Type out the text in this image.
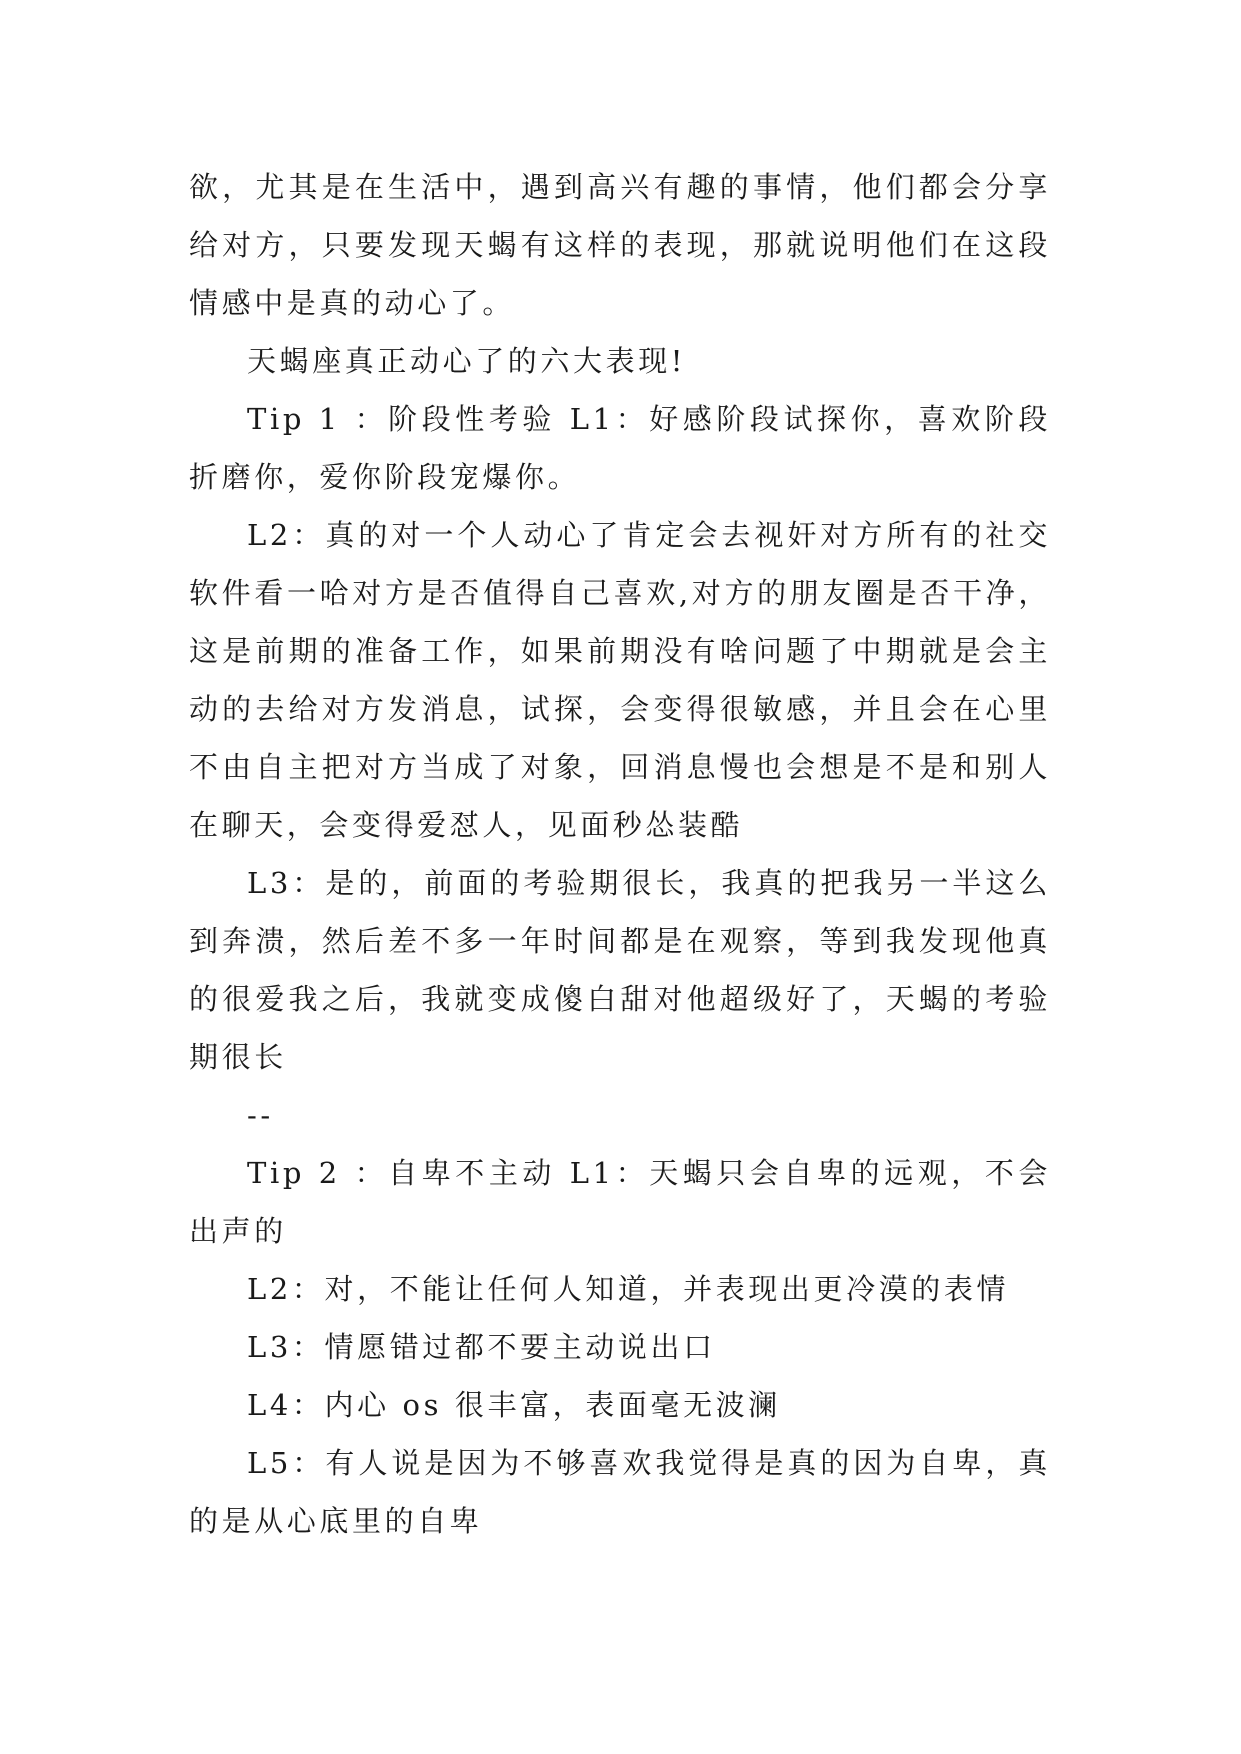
欲，尤其是在生活中，遇到高兴有趣的事情，他们都会分享给对方，只要发现天蝎有这样的表现，那就说明他们在这段情感中是真的动心了。

天蝎座真正动心了的六大表现!

Tip 1 ：阶段性考验 L1：好感阶段试探你，喜欢阶段折磨你，爱你阶段宠爆你。

L2：真的对一个人动心了肯定会去视奸对方所有的社交软件看一哈对方是否值得自己喜欢,对方的朋友圈是否干净，这是前期的准备工作，如果前期没有啥问题了中期就是会主动的去给对方发消息，试探，会变得很敏感，并且会在心里不由自主把对方当成了对象，回消息慢也会想是不是和别人在聊天，会变得爱怼人，见面秒怂装酷

L3：是的，前面的考验期很长，我真的把我另一半这么到奔溃，然后差不多一年时间都是在观察，等到我发现他真的很爱我之后，我就变成傻白甜对他超级好了，天蝎的考验期很长

--

Tip 2 ：自卑不主动 L1：天蝎只会自卑的远观，不会出声的

L2：对，不能让任何人知道，并表现出更冷漠的表情

L3：情愿错过都不要主动说出口

L4：内心 os 很丰富，表面毫无波澜

L5：有人说是因为不够喜欢我觉得是真的因为自卑，真的是从心底里的自卑
